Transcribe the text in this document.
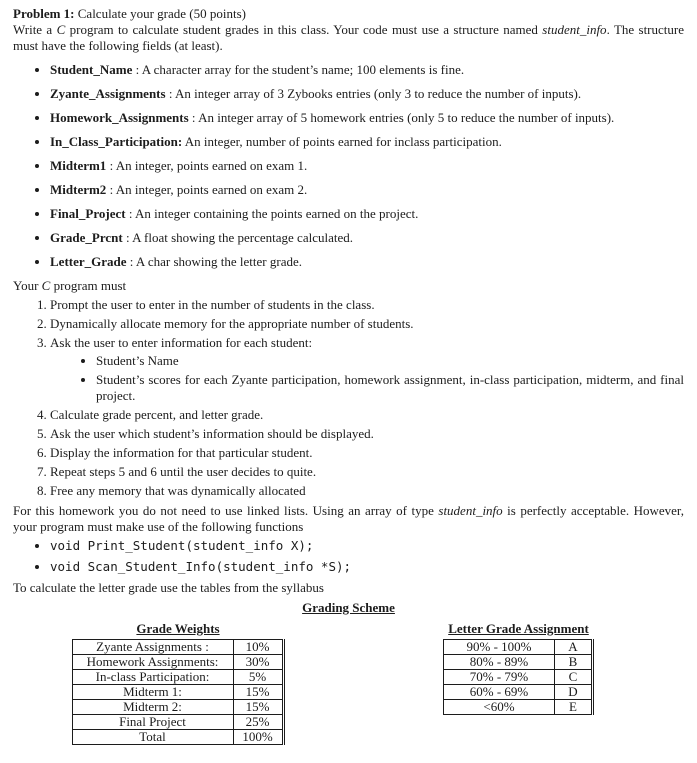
Problem 1: Calculate your grade (50 points)
Write a C program to calculate student grades in this class. Your code must use a structure named student_info. The structure must have the following fields (at least).
• Student_Name : A character array for the student’s name; 100 elements is fine.
• Zyante_Assignments : An integer array of 3 Zybooks entries (only 3 to reduce the number of inputs).
• Homework_Assignments : An integer array of 5 homework entries (only 5 to reduce the number of inputs).
• In_Class_Participation: An integer, number of points earned for inclass participation.
• Midterm1 : An integer, points earned on exam 1.
• Midterm2 : An integer, points earned on exam 2.
• Final_Project : An integer containing the points earned on the project.
• Grade_Prcnt : A float showing the percentage calculated.
• Letter_Grade : A char showing the letter grade.
Your C program must
1. Prompt the user to enter in the number of students in the class.
2. Dynamically allocate memory for the appropriate number of students.
3. Ask the user to enter information for each student:
• Student’s Name
• Student’s scores for each Zyante participation, homework assignment, in-class participation, midterm, and final project.
4. Calculate grade percent, and letter grade.
5. Ask the user which student’s information should be displayed.
6. Display the information for that particular student.
7. Repeat steps 5 and 6 until the user decides to quite.
8. Free any memory that was dynamically allocated
For this homework you do not need to use linked lists. Using an array of type student_info is perfectly acceptable. However, your program must make use of the following functions
• void Print_Student(student_info X);
• void Scan_Student_Info(student_info *S);
To calculate the letter grade use the tables from the syllabus
Grading Scheme
Grade Weights
Zyante Assignments :	10%
Homework Assignments:	30%
In-class Participation:	5%
Midterm 1:	15%
Midterm 2:	15%
Final Project	25%
Total	100%
Letter Grade Assignment
90% - 100%	A
80% - 89%	B
70% - 79%	C
60% - 69%	D
<60%	E
